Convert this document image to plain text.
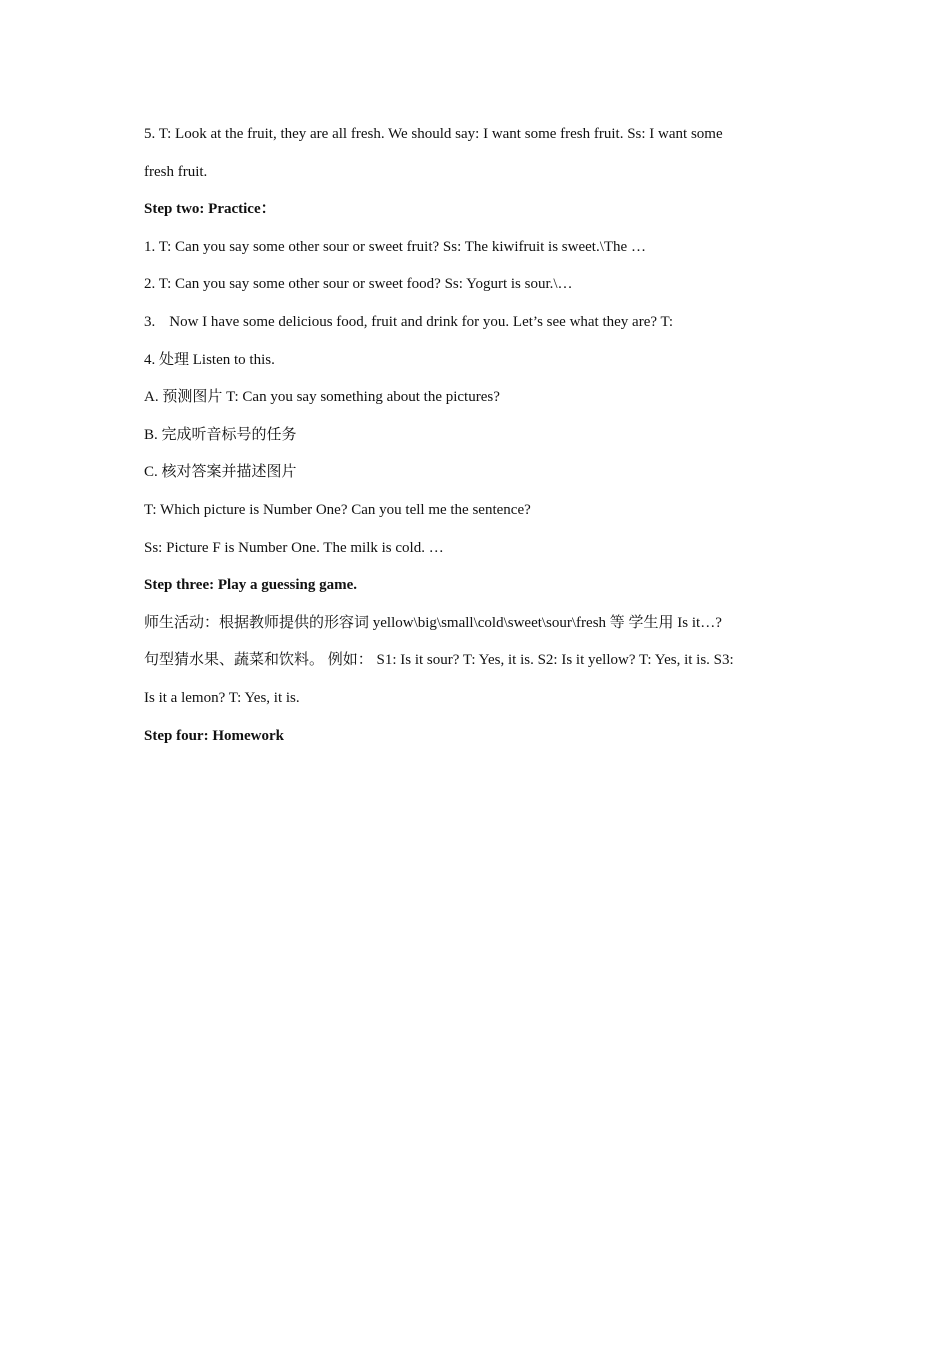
5. T: Look at the fruit, they are all fresh. We should say: I want some fresh fruit. Ss: I want some
fresh fruit.
Step two: Practice：
1. T: Can you say some other sour or sweet fruit? Ss: The kiwifruit is sweet.\The …
2. T: Can you say some other sour or sweet food? Ss: Yogurt is sour.\…
3. Now I have some delicious food, fruit and drink for you. Let’s see what they are? T:
4. 处理 Listen to this.
A. 预测图片 T: Can you say something about the pictures?
B. 完成听音标号的任务
C. 核对答案并描述图片
T: Which picture is Number One? Can you tell me the sentence?
Ss: Picture F is Number One. The milk is cold. …
Step three: Play a guessing game.
师生活动：根据教师提供的形容词 yellow\big\small\cold\sweet\sour\fresh 等 学生用 Is it…?
句型猜水果、蔬菜和饮料。 例如： S1: Is it sour? T: Yes, it is. S2: Is it yellow? T: Yes, it is. S3:
Is it a lemon? T: Yes, it is.
Step four: Homework
